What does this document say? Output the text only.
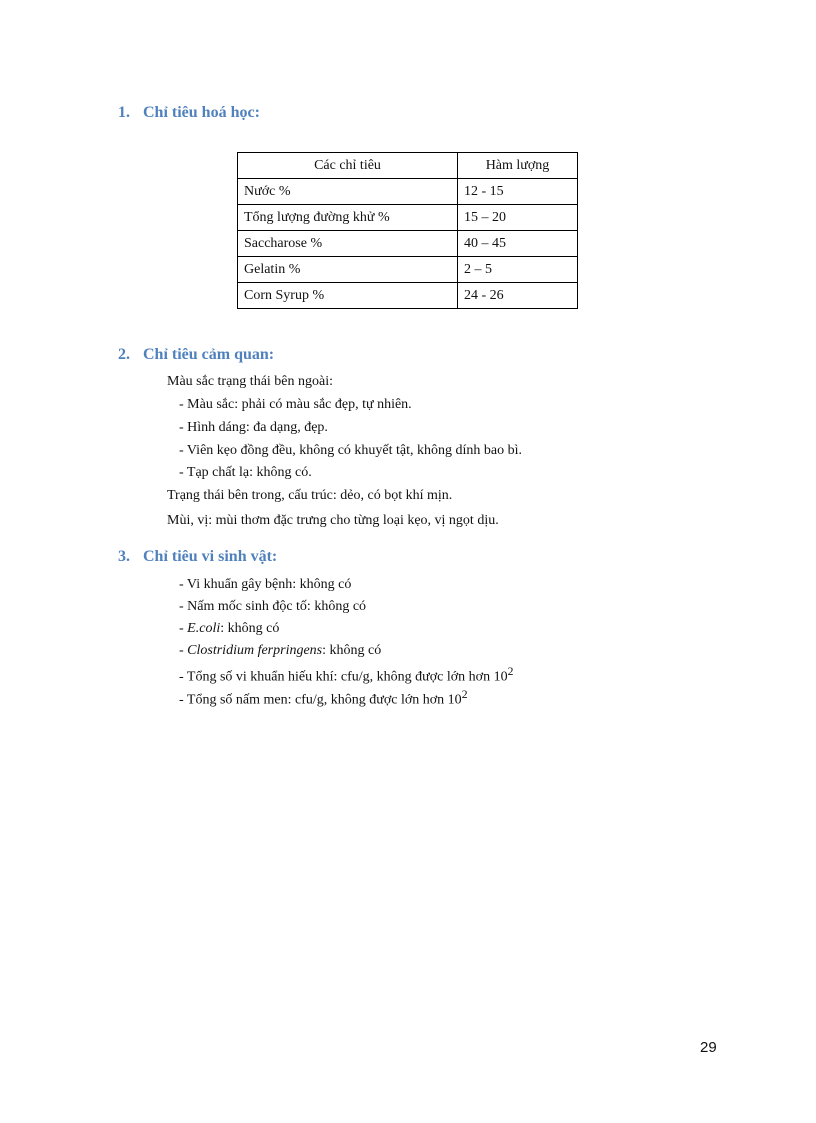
1. Chỉ tiêu hoá học:
Các chỉ tiêu	Hàm lượng
Nước %	12 - 15
Tổng lượng đường khử %	15 – 20
Saccharose %	40 – 45
Gelatin %	2 – 5
Corn Syrup %	24 - 26
2. Chỉ tiêu cảm quan:

Màu sắc trạng thái bên ngoài:

- Màu sắc: phải có màu sắc đẹp, tự nhiên.

- Hình dáng: đa dạng, đẹp.

- Viên kẹo đồng đều, không có khuyết tật, không dính bao bì.

- Tạp chất lạ: không có.

Trạng thái bên trong, cấu trúc: dẻo, có bọt khí mịn.

Mùi, vị: mùi thơm đặc trưng cho từng loại kẹo, vị ngọt dịu.

3. Chỉ tiêu vi sinh vật:

- Vi khuẩn gây bệnh: không có

- Nấm mốc sinh độc tố: không có

- E.coli: không có

- Clostridium ferpringens: không có

- Tổng số vi khuẩn hiếu khí: cfu/g, không được lớn hơn $10^2$

- Tổng số nấm men: cfu/g, không được lớn hơn $10^2$

29
